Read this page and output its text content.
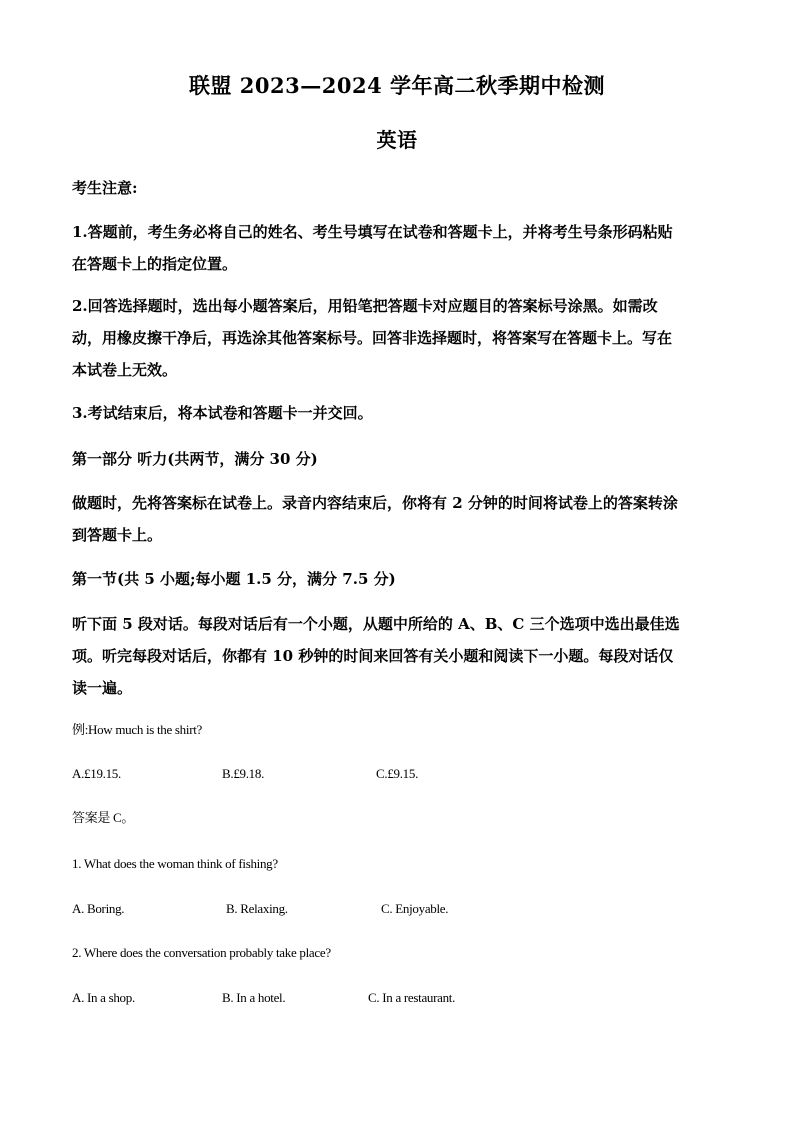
联盟 2023—2024 学年高二秋季期中检测
英语
考生注意:
1.答题前，考生务必将自己的姓名、考生号填写在试卷和答题卡上，并将考生号条形码粘贴
在答题卡上的指定位置。
2.回答选择题时，选出每小题答案后，用铅笔把答题卡对应题目的答案标号涂黑。如需改
动，用橡皮擦干净后，再选涂其他答案标号。回答非选择题时，将答案写在答题卡上。写在
本试卷上无效。
3.考试结束后，将本试卷和答题卡一并交回。
第一部分 听力(共两节，满分 30 分)
做题时，先将答案标在试卷上。录音内容结束后，你将有 2 分钟的时间将试卷上的答案转涂
到答题卡上。
第一节(共 5 小题;每小题 1.5 分，满分 7.5 分)
听下面 5 段对话。每段对话后有一个小题，从题中所给的 A、B、C 三个选项中选出最佳选
项。听完每段对话后，你都有 10 秒钟的时间来回答有关小题和阅读下一小题。每段对话仅
读一遍。
例:How much is the shirt?
A.£19.15.	B.£9.18.	C.£9.15.
答案是 C。
1. What does the woman think of fishing?
A. Boring.	B. Relaxing.	C. Enjoyable.
2. Where does the conversation probably take place?
A. In a shop.	B. In a hotel.	C. In a restaurant.
